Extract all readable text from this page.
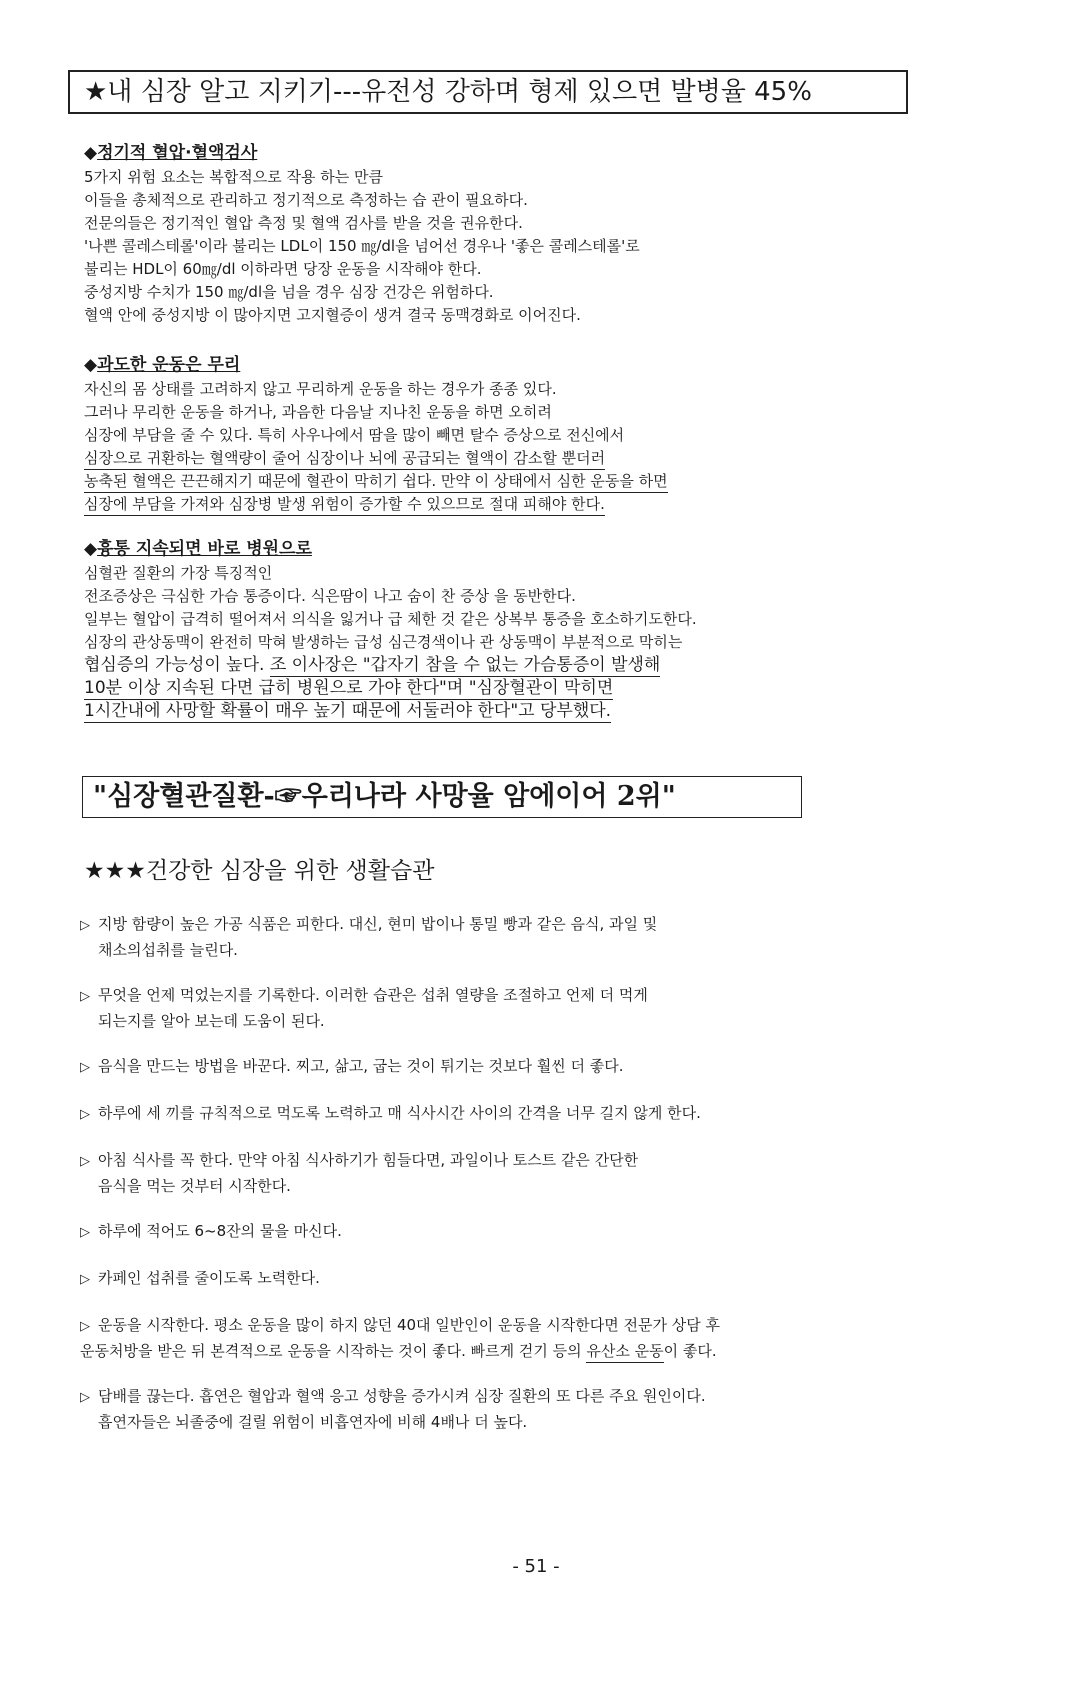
★내 심장 알고 지키기---유전성 강하며 형제 있으면 발병율 45%
◆정기적 혈압·혈액검사
5가지 위험 요소는 복합적으로 작용 하는 만큼
이들을 총체적으로 관리하고 정기적으로 측정하는 습 관이 필요하다.
전문의들은 정기적인 혈압 측정 및 혈액 검사를 받을 것을 권유한다.
'나쁜 콜레스테롤'이라 불리는 LDL이 150 ㎎/dl을 넘어선 경우나 '좋은 콜레스테롤'로
불리는 HDL이 60㎎/dl 이하라면 당장 운동을 시작해야 한다.
중성지방 수치가 150 ㎎/dl을 넘을 경우 심장 건강은 위험하다.
혈액 안에 중성지방 이 많아지면 고지혈증이 생겨 결국 동맥경화로 이어진다.
◆과도한 운동은 무리
자신의 몸 상태를 고려하지 않고 무리하게 운동을 하는 경우가 종종 있다.
그러나 무리한 운동을 하거나, 과음한 다음날 지나친 운동을 하면 오히려
심장에 부담을 줄 수 있다. 특히 사우나에서 땀을 많이 빼면 탈수 증상으로 전신에서
심장으로 귀환하는 혈액량이 줄어 심장이나 뇌에 공급되는 혈액이 감소할 뿐더러
농축된 혈액은 끈끈해지기 때문에 혈관이 막히기 쉽다. 만약 이 상태에서 심한 운동을 하면
심장에 부담을 가져와 심장병 발생 위험이 증가할 수 있으므로 절대 피해야 한다.
◆흉통 지속되면 바로 병원으로
심혈관 질환의 가장 특징적인
전조증상은 극심한 가슴 통증이다. 식은땀이 나고 숨이 찬 증상 을 동반한다.
일부는 혈압이 급격히 떨어져서 의식을 잃거나 급 체한 것 같은 상복부 통증을 호소하기도한다.
심장의 관상동맥이 완전히 막혀 발생하는 급성 심근경색이나 관 상동맥이 부분적으로 막히는
협심증의 가능성이 높다. 조 이사장은 "갑자기 참을 수 없는 가슴통증이 발생해
10분 이상 지속된 다면 급히 병원으로 가야 한다"며 "심장혈관이 막히면
1시간내에 사망할 확률이 매우 높기 때문에 서둘러야 한다"고 당부했다.
"심장혈관질환-☞우리나라 사망율 암에이어 2위"
★★★건강한 심장을 위한 생활습관
▷ 지방 함량이 높은 가공 식품은 피한다. 대신, 현미 밥이나 통밀 빵과 같은 음식, 과일 및
채소의섭취를 늘린다.
▷ 무엇을 언제 먹었는지를 기록한다. 이러한 습관은 섭취 열량을 조절하고 언제 더 먹게
되는지를 알아 보는데 도움이 된다.
▷ 음식을 만드는 방법을 바꾼다. 찌고, 삶고, 굽는 것이 튀기는 것보다 훨씬 더 좋다.
▷ 하루에 세 끼를 규칙적으로 먹도록 노력하고 매 식사시간 사이의 간격을 너무 길지 않게 한다.
▷ 아침 식사를 꼭 한다. 만약 아침 식사하기가 힘들다면, 과일이나 토스트 같은 간단한
음식을 먹는 것부터 시작한다.
▷ 하루에 적어도 6~8잔의 물을 마신다.
▷ 카페인 섭취를 줄이도록 노력한다.
▷ 운동을 시작한다. 평소 운동을 많이 하지 않던 40대 일반인이 운동을 시작한다면 전문가 상담 후
운동처방을 받은 뒤 본격적으로 운동을 시작하는 것이 좋다. 빠르게 걷기 등의 유산소 운동이 좋다.
▷ 담배를 끊는다. 흡연은 혈압과 혈액 응고 성향을 증가시켜 심장 질환의 또 다른 주요 원인이다.
흡연자들은 뇌졸중에 걸릴 위험이 비흡연자에 비해 4배나 더 높다.
- 51 -
